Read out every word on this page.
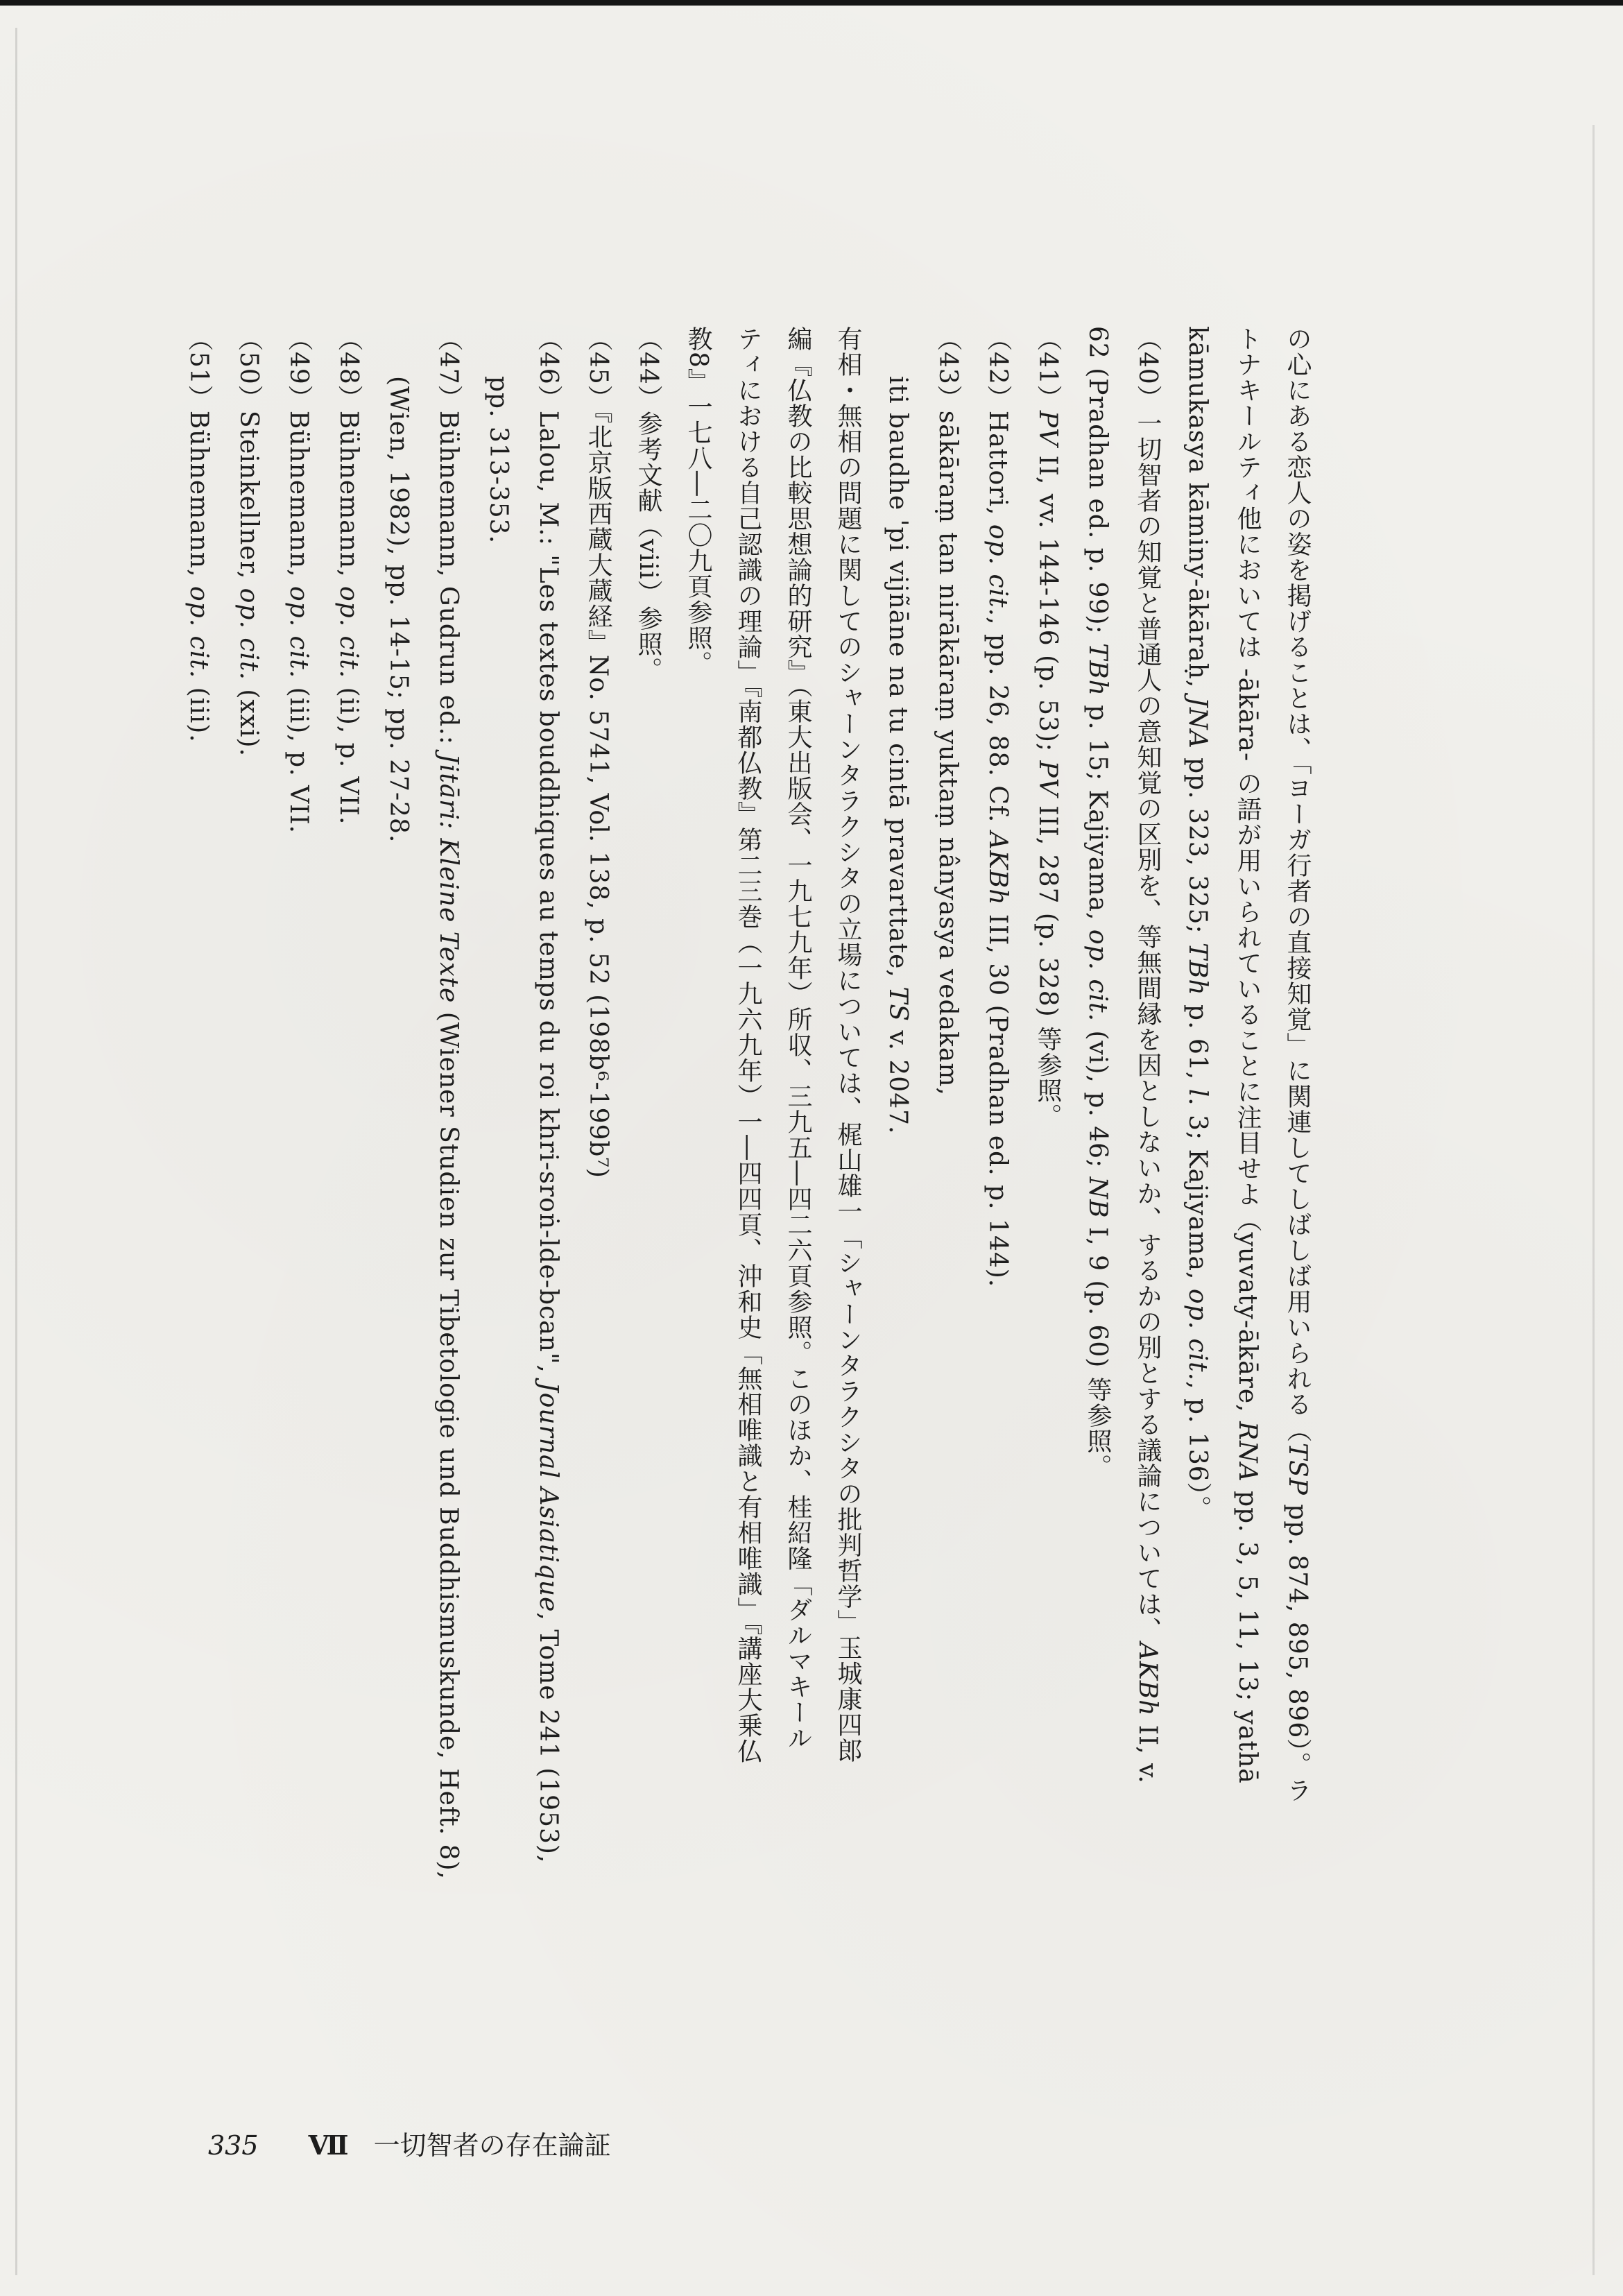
の心にある恋人の姿を掲げることは、「ヨーガ行者の直接知覚」に関連してしばしば用いられる（TSP pp. 874, 895, 896）。ラ
トナキールティ他においては -ākāra- の語が用いられていることに注目せよ（yuvaty-ākāre, RNA pp. 3, 5, 11, 13; yathā
kāmukasya kāminy-ākāraḥ, JNA pp. 323, 325; TBh p. 61, l. 3; Kajiyama, op. cit., p. 136）。
（40）一切智者の知覚と普通人の意知覚の区別を、等無間縁を因としないか、するかの別とする議論については、AKBh II, v.
62 (Pradhan ed. p. 99); TBh p. 15; Kajiyama, op. cit. (vi), p. 46; NB I, 9 (p. 60) 等参照。
（41）PV II, vv. 144-146 (p. 53); PV III, 287 (p. 328) 等参照。
（42）Hattori, op. cit., pp. 26, 88. Cf. AKBh III, 30 (Pradhan ed. p. 144).
（43）sākāraṃ tan nirākāraṃ yuktaṃ nânyasya vedakam,
iti baudhe 'pi vijñāne na tu cintā pravarttate, TS v. 2047.
有相・無相の問題に関してのシャーンタラクシタの立場については、梶山雄一「シャーンタラクシタの批判哲学」玉城康四郎
編『仏教の比較思想論的研究』（東大出版会、一九七九年）所収、三九五―四二六頁参照。このほか、桂紹隆「ダルマキール
ティにおける自己認識の理論」『南都仏教』第二三巻（一九六九年）一―四四頁、沖和史「無相唯識と有相唯識」『講座大乗仏
教8』一七八―二〇九頁参照。
（44）参考文献（viii）参照。
（45）『北京版西蔵大蔵経』No. 5741, Vol. 138, p. 52 (198b⁶-199b⁷)
（46）Lalou, M.: "Les textes bouddhiques au temps du roi khri-sroṅ-lde-bcan", Journal Asiatique, Tome 241 (1953),
pp. 313-353.
（47）Bühnemann, Gudrun ed.: Jitāri: Kleine Texte (Wiener Studien zur Tibetologie und Buddhismuskunde, Heft. 8),
(Wien, 1982), pp. 14-15; pp. 27-28.
（48）Bühnemann, op. cit. (ii), p. VII.
（49）Bühnemann, op. cit. (iii), p. VII.
（50）Steinkellner, op. cit. (xxi).
（51）Bühnemann, op. cit. (iii).
335 Ⅶ 一切智者の存在論証
